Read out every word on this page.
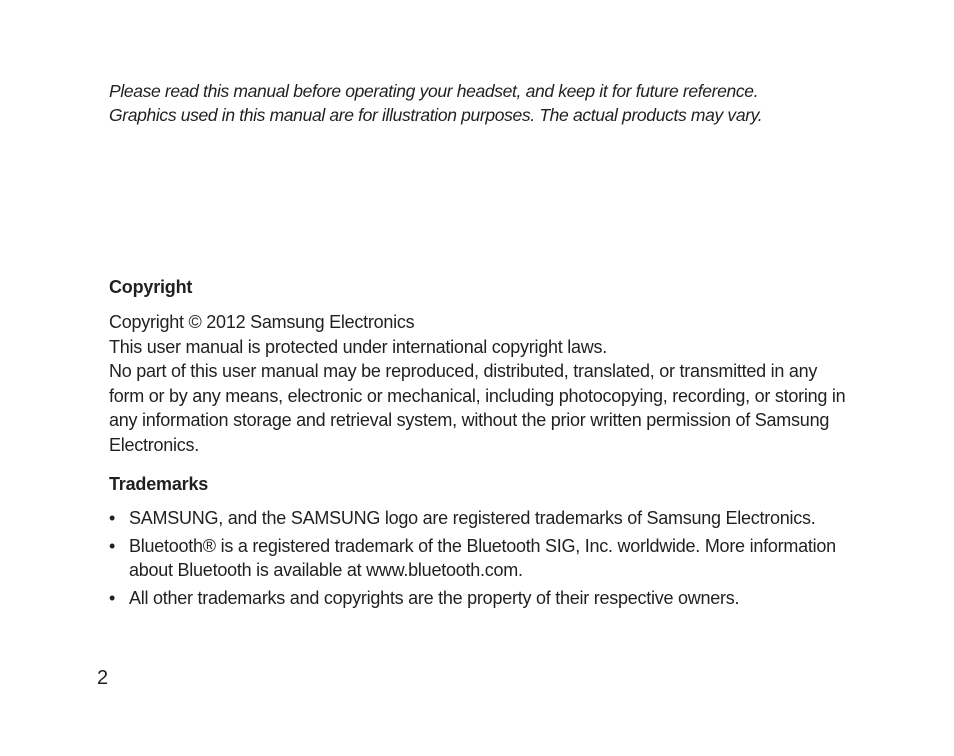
Please read this manual before operating your headset, and keep it for future reference.

Graphics used in this manual are for illustration purposes. The actual products may vary.

Copyright

Copyright © 2012 Samsung Electronics

This user manual is protected under international copyright laws.

No part of this user manual may be reproduced, distributed, translated, or transmitted in any form or by any means, electronic or mechanical, including photocopying, recording, or storing in any information storage and retrieval system, without the prior written permission of Samsung Electronics.

Trademarks
• SAMSUNG, and the SAMSUNG logo are registered trademarks of Samsung Electronics.
• Bluetooth® is a registered trademark of the Bluetooth SIG, Inc. worldwide. More information about Bluetooth is available at www.bluetooth.com.
• All other trademarks and copyrights are the property of their respective owners.
2
